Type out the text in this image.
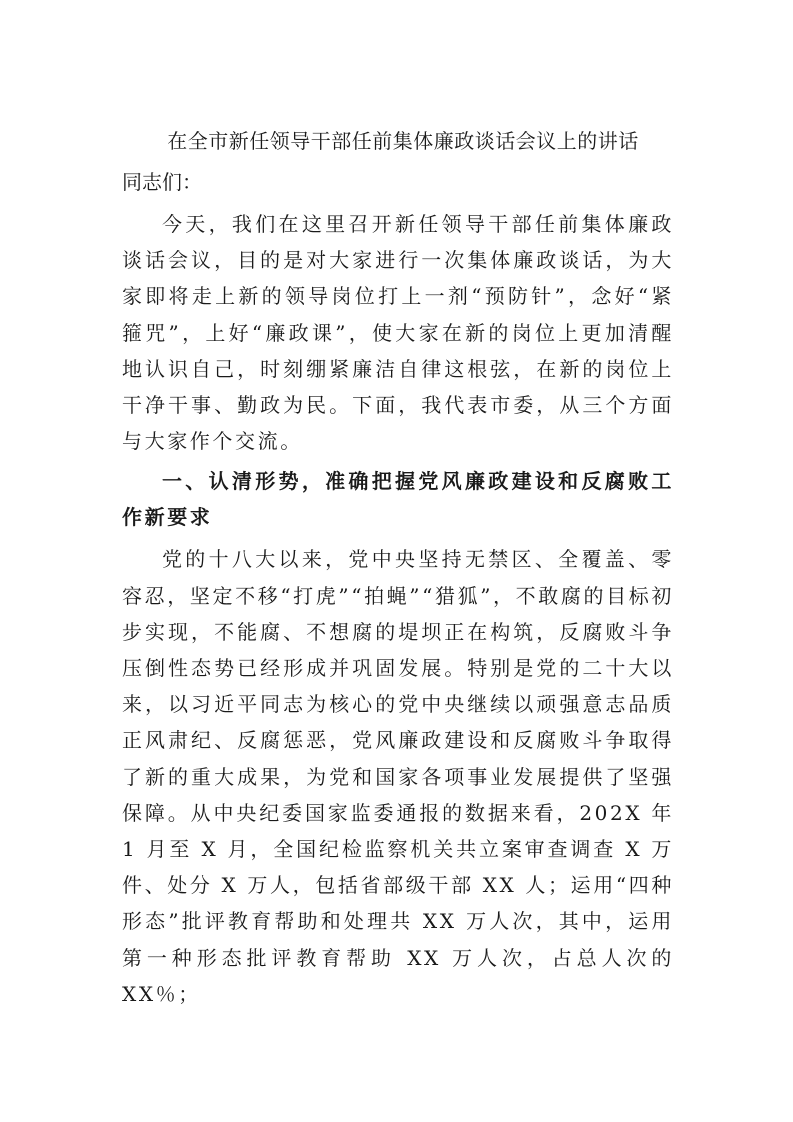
在全市新任领导干部任前集体廉政谈话会议上的讲话

同志们：

今天，我们在这里召开新任领导干部任前集体廉政谈话会议，目的是对大家进行一次集体廉政谈话，为大家即将走上新的领导岗位打上一剂“预防针”，念好“紧箍咒”，上好“廉政课”，使大家在新的岗位上更加清醒地认识自己，时刻绷紧廉洁自律这根弦，在新的岗位上干净干事、勤政为民。下面，我代表市委，从三个方面与大家作个交流。

一、认清形势，准确把握党风廉政建设和反腐败工作新要求

党的十八大以来，党中央坚持无禁区、全覆盖、零容忍，坚定不移“打虎”“拍蝇”“猎狐”，不敢腐的目标初步实现，不能腐、不想腐的堤坝正在构筑，反腐败斗争压倒性态势已经形成并巩固发展。特别是党的二十大以来，以习近平同志为核心的党中央继续以顽强意志品质正风肃纪、反腐惩恶，党风廉政建设和反腐败斗争取得了新的重大成果，为党和国家各项事业发展提供了坚强保障。从中央纪委国家监委通报的数据来看，202X 年 1 月至 X 月，全国纪检监察机关共立案审查调查 X 万件、处分 X 万人，包括省部级干部 XX 人；运用“四种形态”批评教育帮助和处理共 XX 万人次，其中，运用第一种形态批评教育帮助 XX 万人次，占总人次的 XX％；
